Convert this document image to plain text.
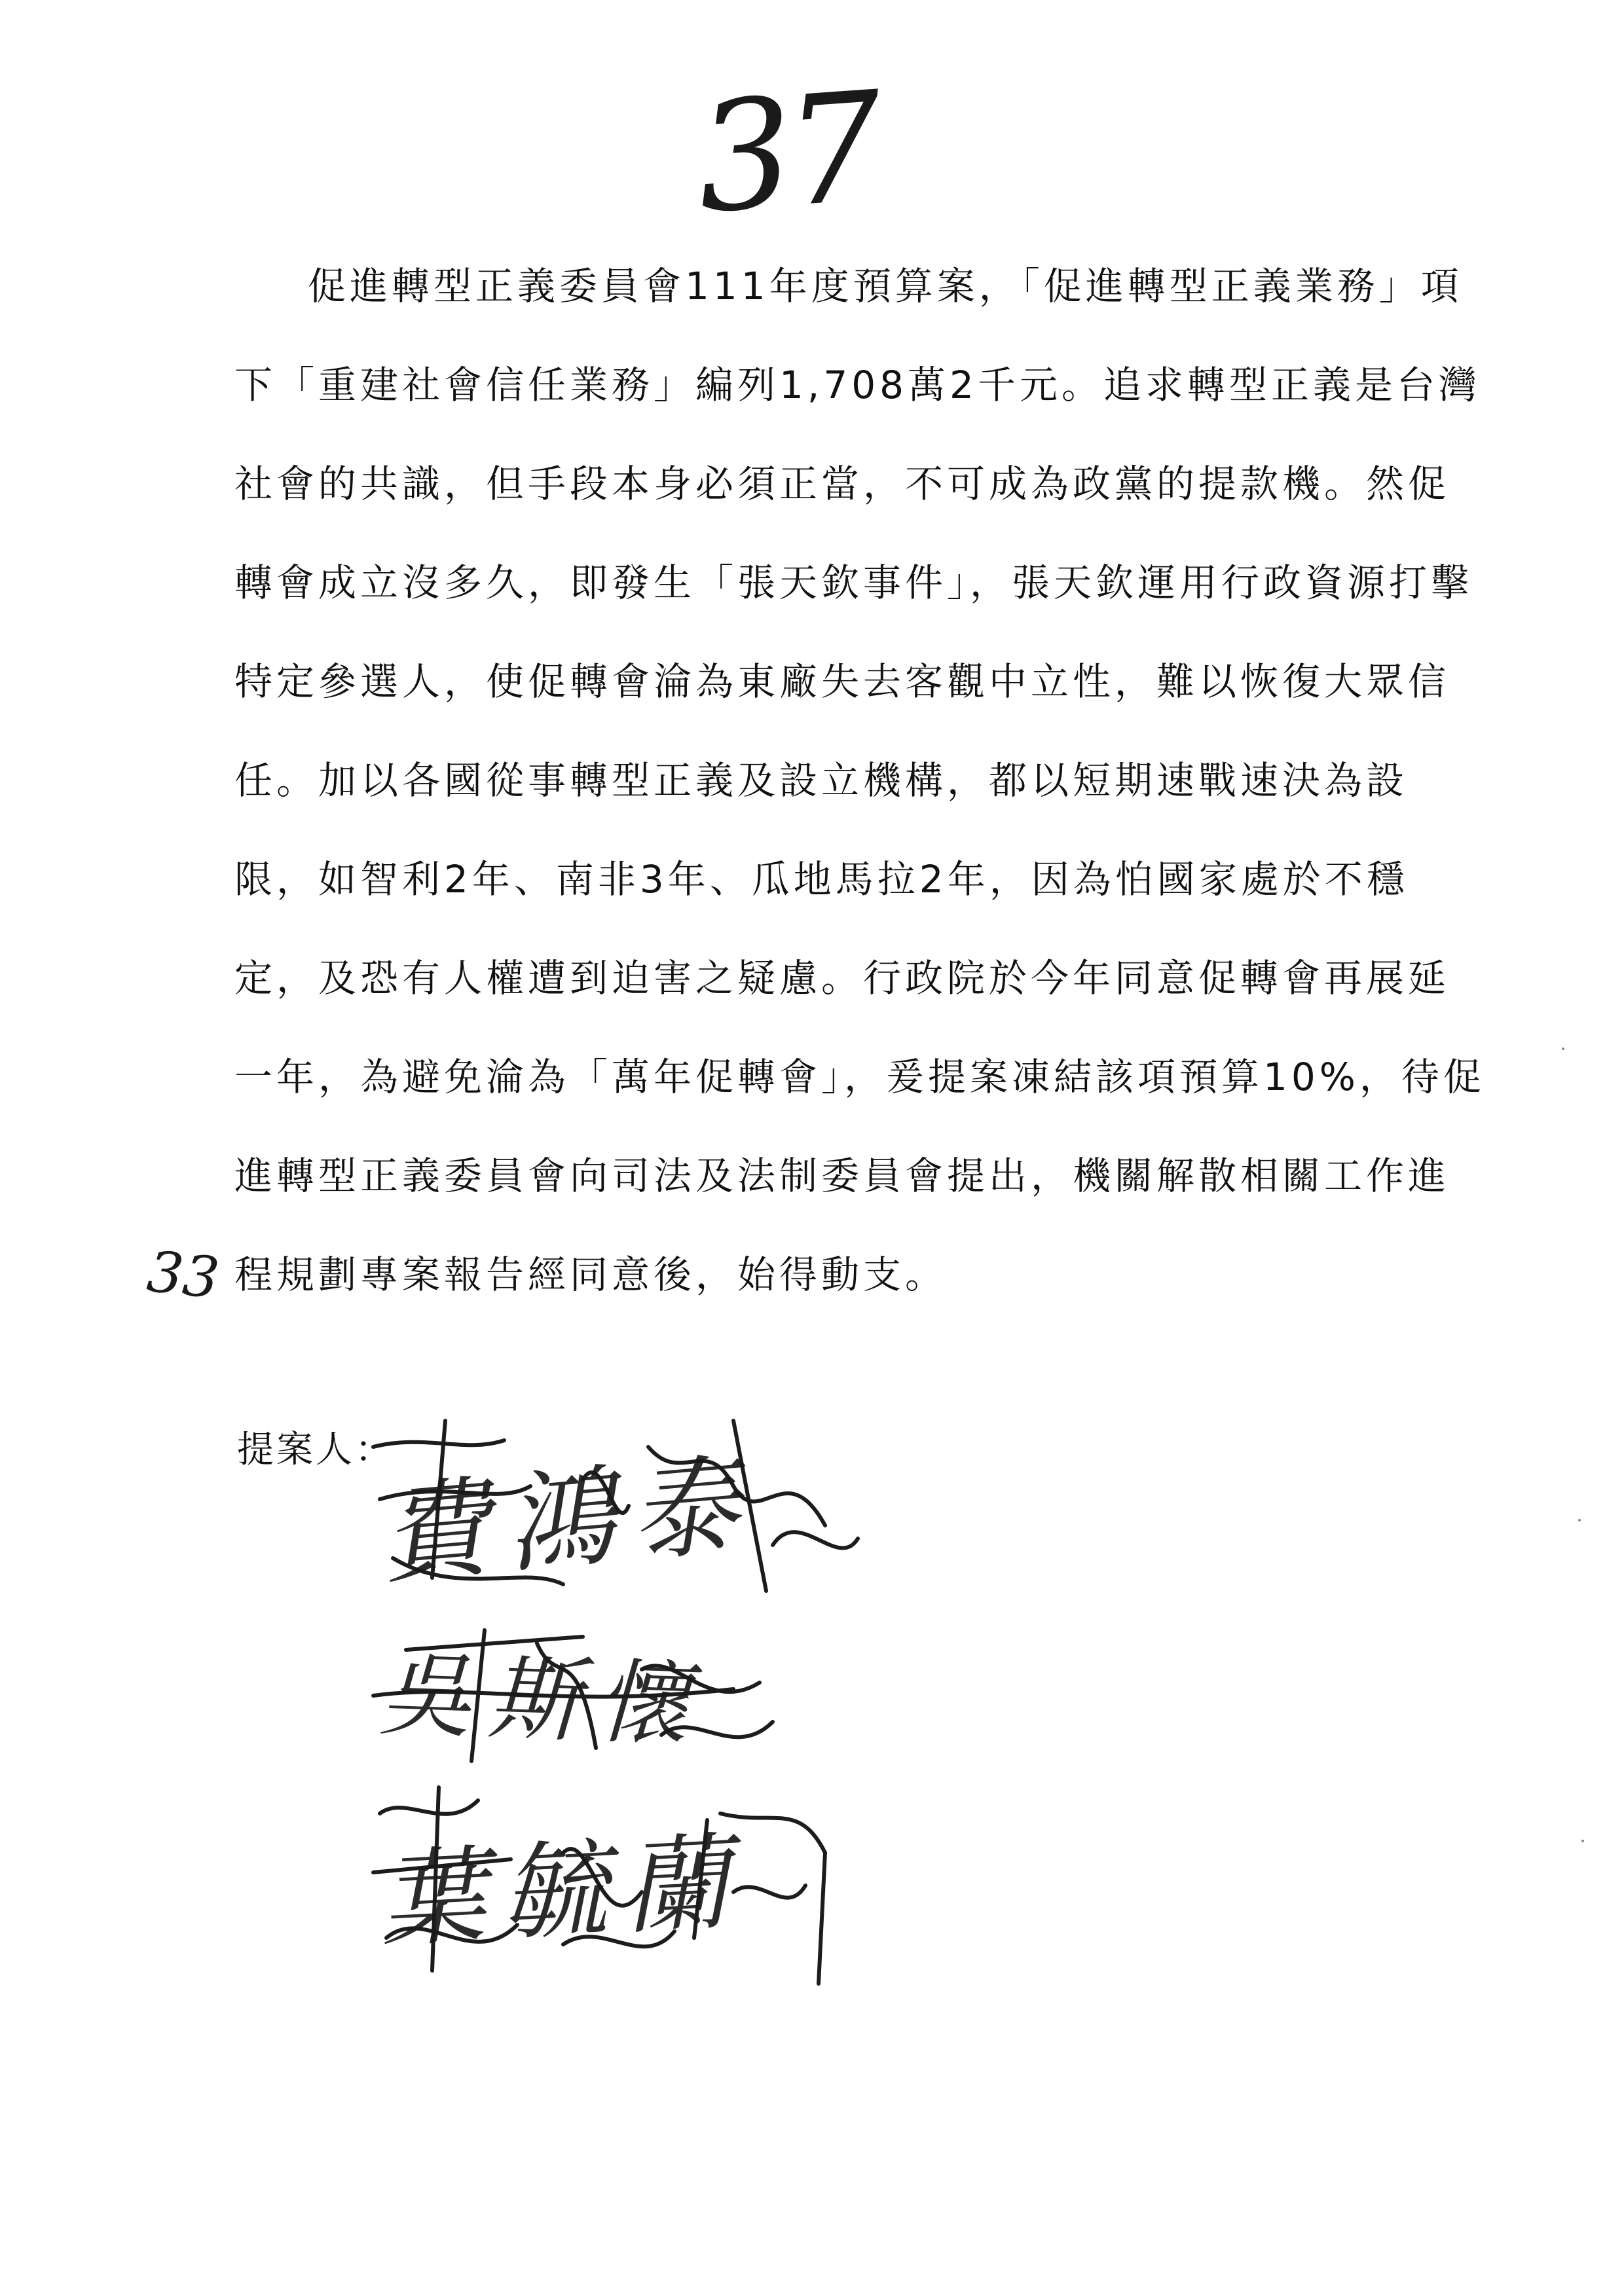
37
促進轉型正義委員會111年度預算案，「促進轉型正義業務」項
下「重建社會信任業務」編列1,708萬2千元。追求轉型正義是台灣
社會的共識，但手段本身必須正當，不可成為政黨的提款機。然促
轉會成立沒多久，即發生「張天欽事件」，張天欽運用行政資源打擊
特定參選人，使促轉會淪為東廠失去客觀中立性，難以恢復大眾信
任。加以各國從事轉型正義及設立機構，都以短期速戰速決為設
限，如智利2年、南非3年、瓜地馬拉2年，因為怕國家處於不穩
定，及恐有人權遭到迫害之疑慮。行政院於今年同意促轉會再展延
一年，為避免淪為「萬年促轉會」，爰提案凍結該項預算10%，待促
進轉型正義委員會向司法及法制委員會提出，機關解散相關工作進
程規劃專案報告經同意後，始得動支。
33
提案人：
費鴻泰
吳斯懷
葉毓蘭
